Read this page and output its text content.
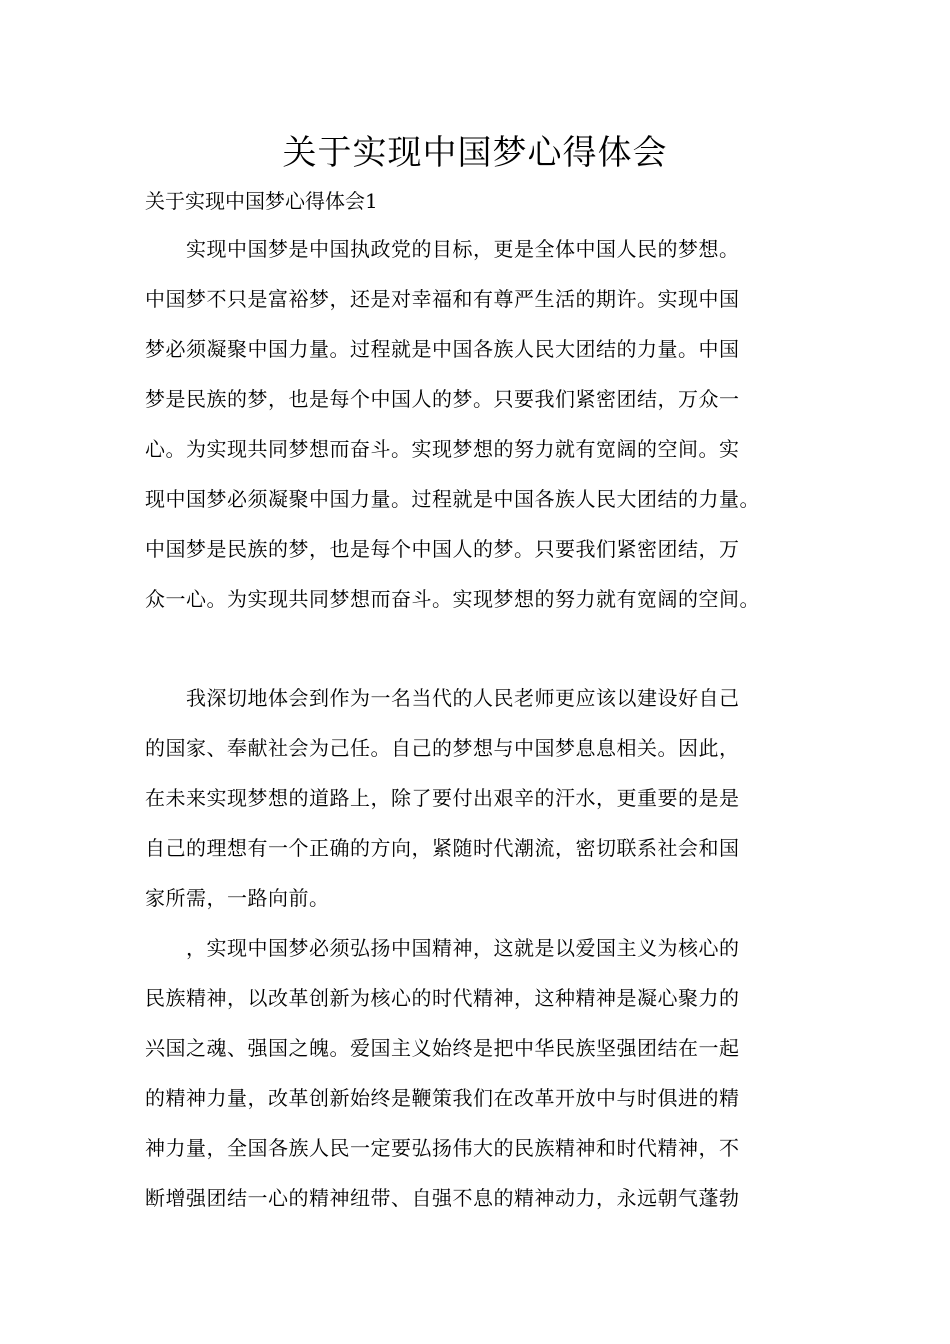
关于实现中国梦心得体会

关于实现中国梦心得体会1

　　实现中国梦是中国执政党的目标，更是全体中国人民的梦想。

中国梦不只是富裕梦，还是对幸福和有尊严生活的期许。实现中国

梦必须凝聚中国力量。过程就是中国各族人民大团结的力量。中国

梦是民族的梦，也是每个中国人的梦。只要我们紧密团结，万众一

心。为实现共同梦想而奋斗。实现梦想的努力就有宽阔的空间。实

现中国梦必须凝聚中国力量。过程就是中国各族人民大团结的力量。

中国梦是民族的梦，也是每个中国人的梦。只要我们紧密团结，万

众一心。为实现共同梦想而奋斗。实现梦想的努力就有宽阔的空间。

　　我深切地体会到作为一名当代的人民老师更应该以建设好自己

的国家、奉献社会为己任。自己的梦想与中国梦息息相关。因此，

在未来实现梦想的道路上，除了要付出艰辛的汗水，更重要的是是

自己的理想有一个正确的方向，紧随时代潮流，密切联系社会和国

家所需，一路向前。

　　，实现中国梦必须弘扬中国精神，这就是以爱国主义为核心的

民族精神，以改革创新为核心的时代精神，这种精神是凝心聚力的

兴国之魂、强国之魄。爱国主义始终是把中华民族坚强团结在一起

的精神力量，改革创新始终是鞭策我们在改革开放中与时俱进的精

神力量，全国各族人民一定要弘扬伟大的民族精神和时代精神，不

断增强团结一心的精神纽带、自强不息的精神动力，永远朝气蓬勃
